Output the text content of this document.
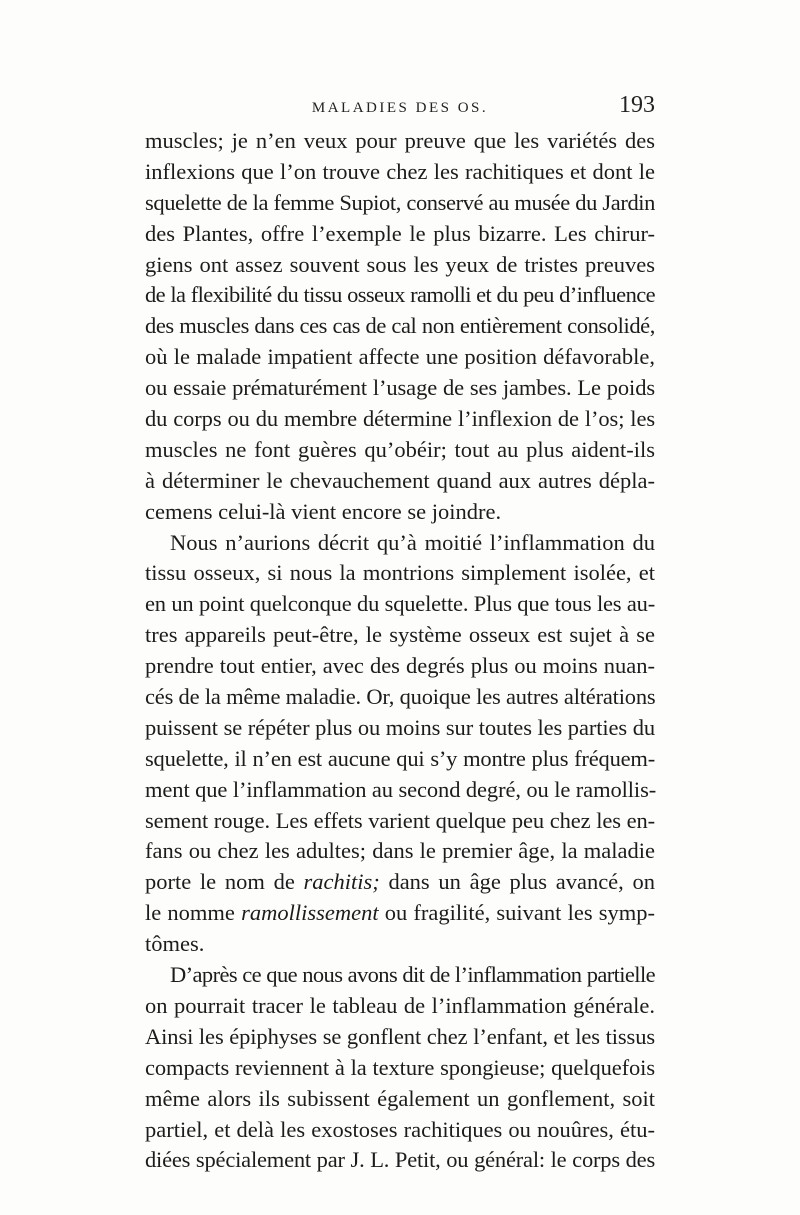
MALADIES DES OS.	193
muscles; je n’en veux pour preuve que les variétés des
inflexions que l’on trouve chez les rachitiques et dont le
squelette de la femme Supiot, conservé au musée du Jardin
des Plantes, offre l’exemple le plus bizarre. Les chirur-
giens ont assez souvent sous les yeux de tristes preuves
de la flexibilité du tissu osseux ramolli et du peu d’influence
des muscles dans ces cas de cal non entièrement consolidé,
où le malade impatient affecte une position défavorable,
ou essaie prématurément l’usage de ses jambes. Le poids
du corps ou du membre détermine l’inflexion de l’os; les
muscles ne font guères qu’obéir; tout au plus aident-ils
à déterminer le chevauchement quand aux autres dépla-
cemens celui-là vient encore se joindre.
Nous n’aurions décrit qu’à moitié l’inflammation du
tissu osseux, si nous la montrions simplement isolée, et
en un point quelconque du squelette. Plus que tous les au-
tres appareils peut-être, le système osseux est sujet à se
prendre tout entier, avec des degrés plus ou moins nuan-
cés de la même maladie. Or, quoique les autres altérations
puissent se répéter plus ou moins sur toutes les parties du
squelette, il n’en est aucune qui s’y montre plus fréquem-
ment que l’inflammation au second degré, ou le ramollis-
sement rouge. Les effets varient quelque peu chez les en-
fans ou chez les adultes; dans le premier âge, la maladie
porte le nom de rachitis; dans un âge plus avancé, on
le nomme ramollissement ou fragilité, suivant les symp-
tômes.
D’après ce que nous avons dit de l’inflammation partielle
on pourrait tracer le tableau de l’inflammation générale.
Ainsi les épiphyses se gonflent chez l’enfant, et les tissus
compacts reviennent à la texture spongieuse; quelquefois
même alors ils subissent également un gonflement, soit
partiel, et delà les exostoses rachitiques ou nouûres, étu-
diées spécialement par J. L. Petit, ou général: le corps des
